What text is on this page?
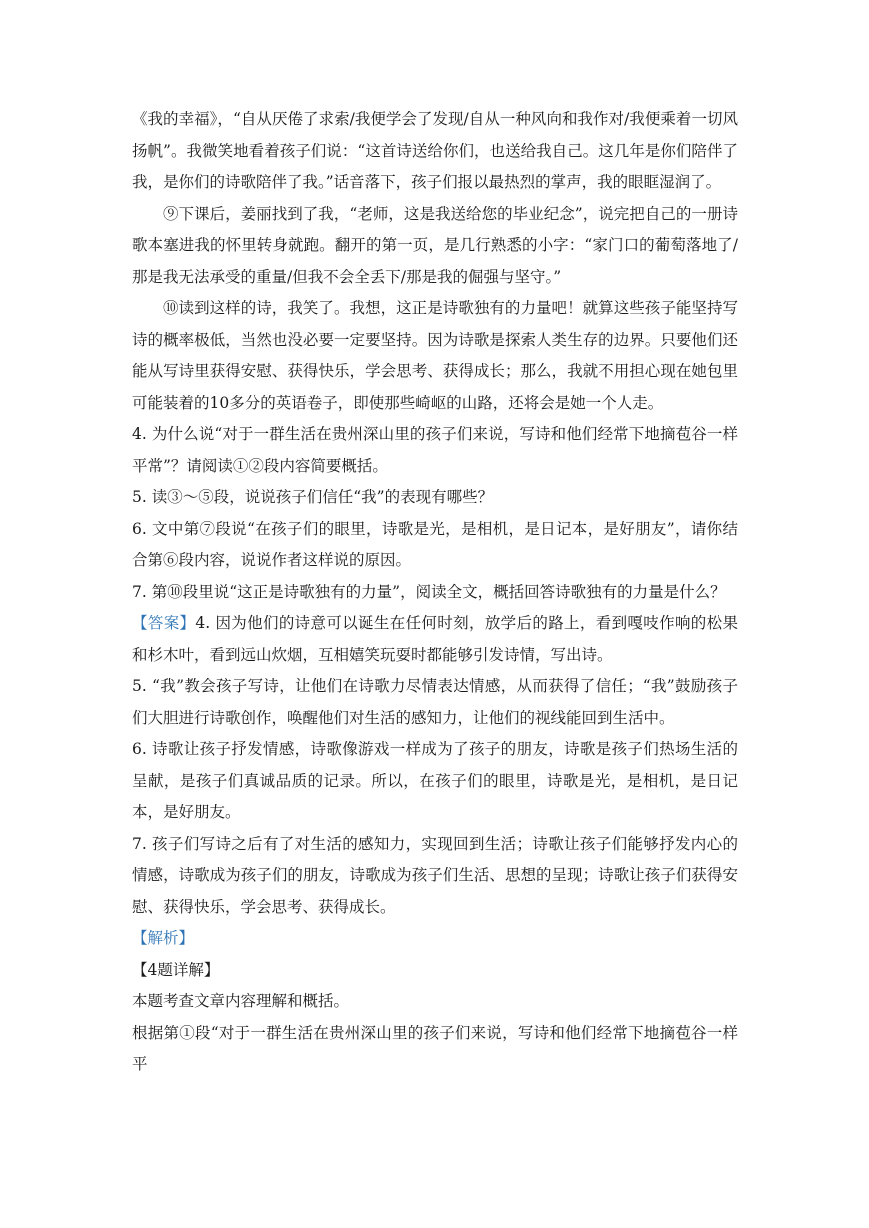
《我的幸福》，“自从厌倦了求索/我便学会了发现/自从一种风向和我作对/我便乘着一切风扬帆”。我微笑地看着孩子们说：“这首诗送给你们，也送给我自己。这几年是你们陪伴了我，是你们的诗歌陪伴了我。”话音落下，孩子们报以最热烈的掌声，我的眼眶湿润了。

⑨下课后，姜丽找到了我，“老师，这是我送给您的毕业纪念”，说完把自己的一册诗歌本塞进我的怀里转身就跑。翻开的第一页，是几行熟悉的小字：“家门口的葡萄落地了/那是我无法承受的重量/但我不会全丢下/那是我的倔强与坚守。”

⑩读到这样的诗，我笑了。我想，这正是诗歌独有的力量吧！就算这些孩子能坚持写诗的概率极低，当然也没必要一定要坚持。因为诗歌是探索人类生存的边界。只要他们还能从写诗里获得安慰、获得快乐，学会思考、获得成长；那么，我就不用担心现在她包里可能装着的10多分的英语卷子，即使那些崎岖的山路，还将会是她一个人走。

4. 为什么说“对于一群生活在贵州深山里的孩子们来说，写诗和他们经常下地摘苞谷一样平常”？请阅读①②段内容简要概括。

5. 读③～⑤段，说说孩子们信任“我”的表现有哪些？

6. 文中第⑦段说“在孩子们的眼里，诗歌是光，是相机，是日记本，是好朋友”，请你结合第⑥段内容，说说作者这样说的原因。

7. 第⑩段里说“这正是诗歌独有的力量”，阅读全文，概括回答诗歌独有的力量是什么？

【答案】4. 因为他们的诗意可以诞生在任何时刻，放学后的路上，看到嘎吱作响的松果和杉木叶，看到远山炊烟，互相嬉笑玩耍时都能够引发诗情，写出诗。

5. “我”教会孩子写诗，让他们在诗歌力尽情表达情感，从而获得了信任；“我”鼓励孩子们大胆进行诗歌创作，唤醒他们对生活的感知力，让他们的视线能回到生活中。

6. 诗歌让孩子抒发情感，诗歌像游戏一样成为了孩子的朋友，诗歌是孩子们热场生活的呈献，是孩子们真诚品质的记录。所以，在孩子们的眼里，诗歌是光，是相机，是日记本，是好朋友。

7. 孩子们写诗之后有了对生活的感知力，实现回到生活；诗歌让孩子们能够抒发内心的情感，诗歌成为孩子们的朋友，诗歌成为孩子们生活、思想的呈现；诗歌让孩子们获得安慰、获得快乐，学会思考、获得成长。

【解析】

【4题详解】

本题考查文章内容理解和概括。

根据第①段“对于一群生活在贵州深山里的孩子们来说，写诗和他们经常下地摘苞谷一样平
